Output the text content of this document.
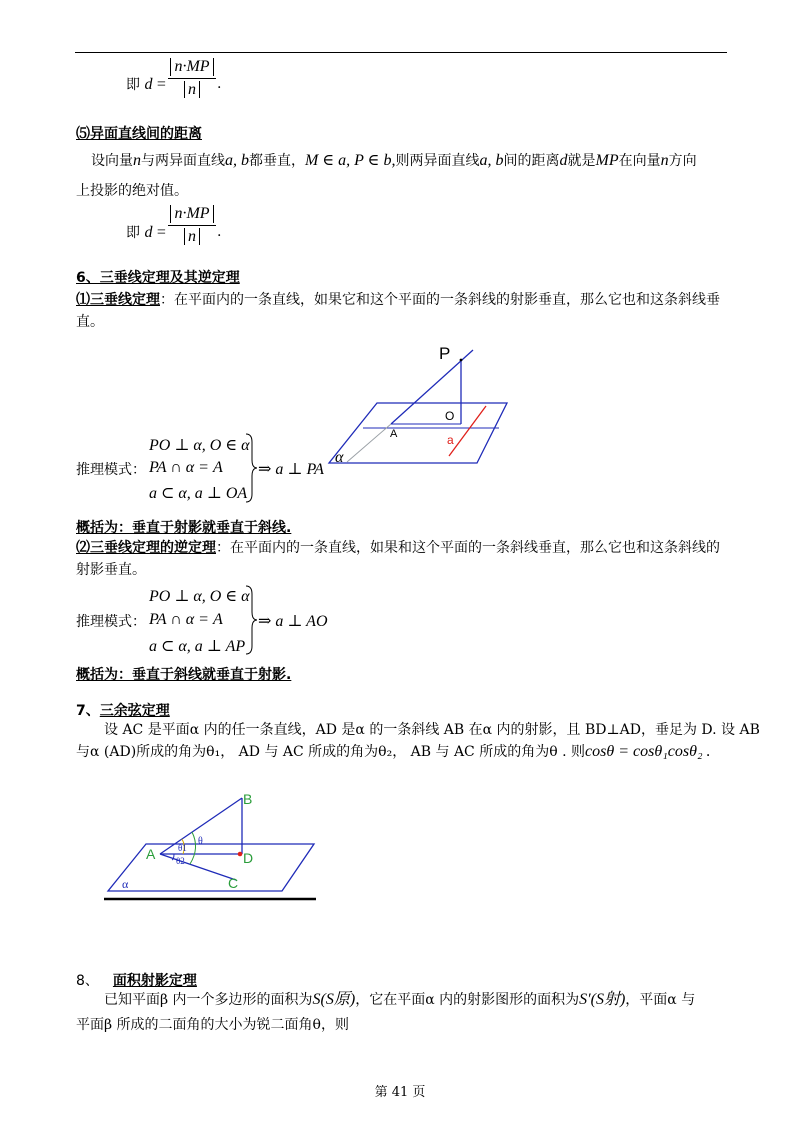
即 d =
n·MP
n	.
⑸异面直线间的距离
设向量n与两异面直线a, b都垂直，M ∈ a, P ∈ b,则两异面直线a, b间的距离d就是MP在向量n方向
上投影的绝对值。
即 d =
n·MP
n	.
6、三垂线定理及其逆定理
⑴三垂线定理：在平面内的一条直线，如果它和这个平面的一条斜线的射影垂直，那么它也和这条斜线垂
直。
推理模式：
PO ⊥ α, O ∈ α
PA ∩ α = A
a ⊂ α, a ⊥ OA
⇒ a ⊥ PA
P
O
A	a
α
概括为：垂直于射影就垂直于斜线.
⑵三垂线定理的逆定理：在平面内的一条直线，如果和这个平面的一条斜线垂直，那么它也和这条斜线的
射影垂直。
推理模式：
PO ⊥ α, O ∈ α
PA ∩ α = A
a ⊂ α, a ⊥ AP
⇒ a ⊥ AO
概括为：垂直于斜线就垂直于射影.
7、三余弦定理
设 AC 是平面α 内的任一条直线，AD 是α 的一条斜线 AB 在α 内的射影，且 BD⊥AD，垂足为 D. 设 AB
与α (AD)所成的角为θ₁， AD 与 AC 所成的角为θ₂， AB 与 AC 所成的角为θ . 则cosθ = cosθ₁cosθ₂ .
B
A	D
C
α
θ
θ1
θ2
8、 面积射影定理
已知平面β 内一个多边形的面积为S(S原)，它在平面α 内的射影图形的面积为S′(S射)，平面α 与
平面β 所成的二面角的大小为锐二面角θ，则
第 41 页
